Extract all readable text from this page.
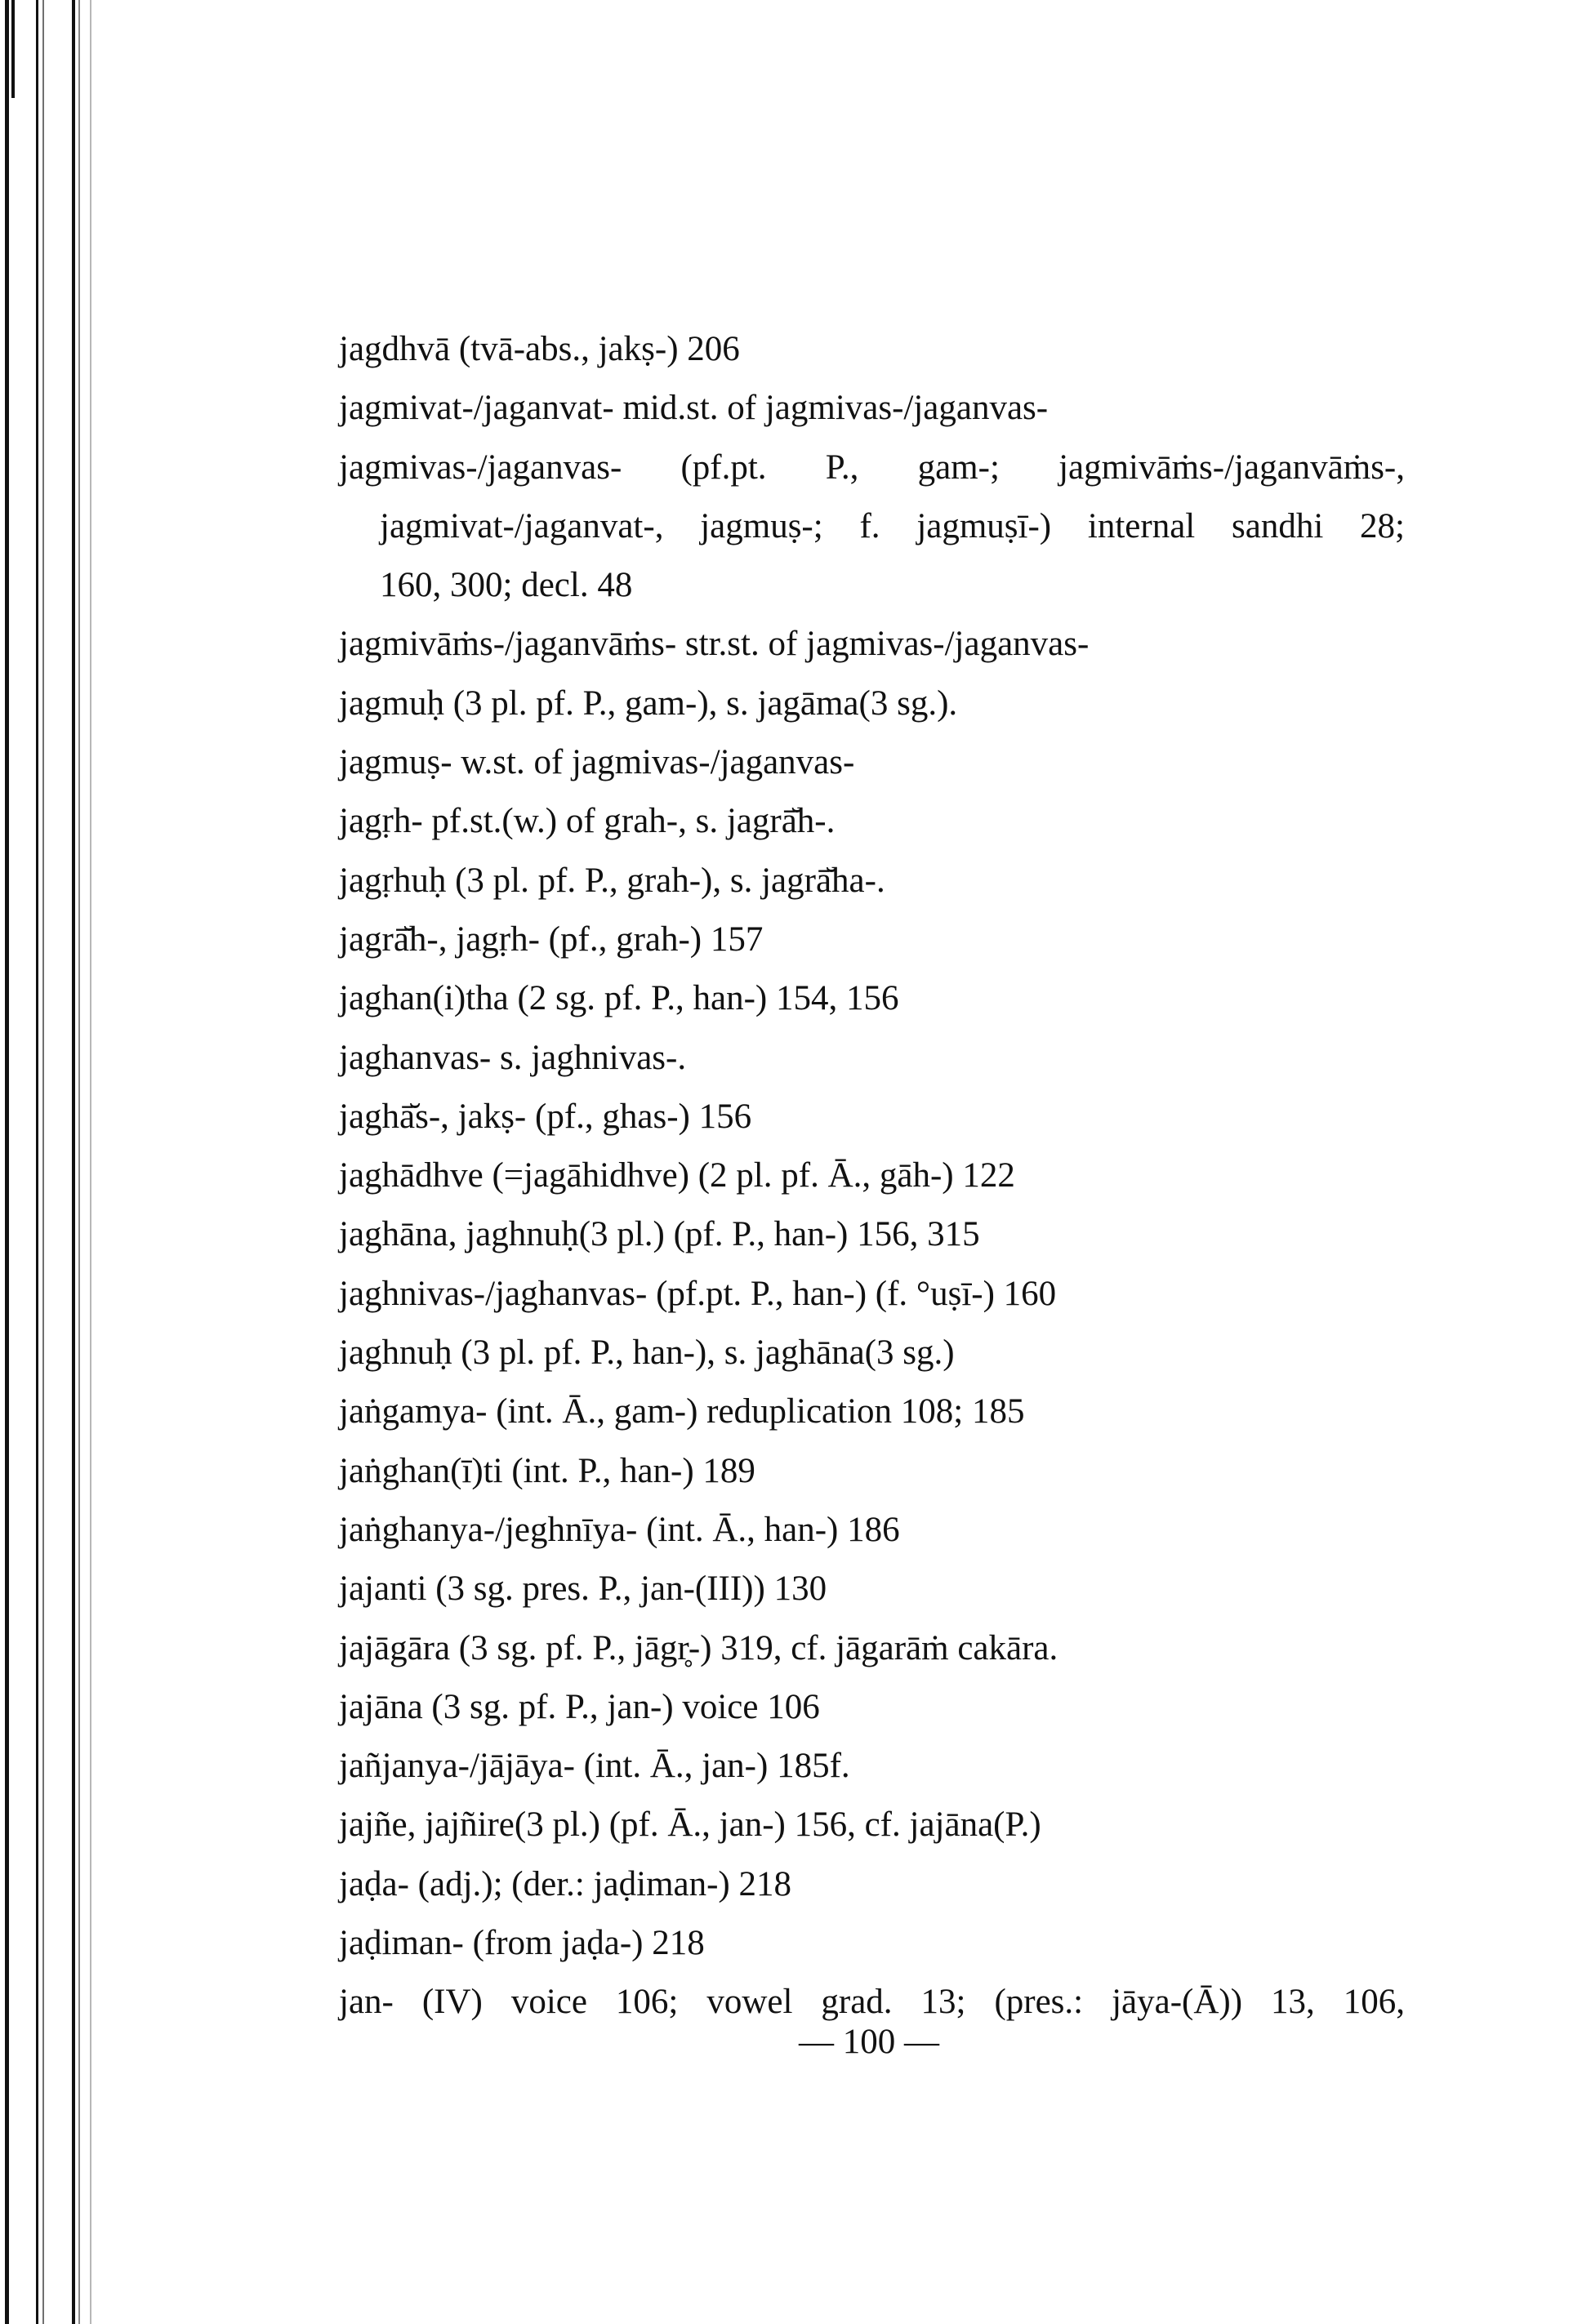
jagdhvā (tvā-abs., jakṣ-) 206
jagmivat-/jaganvat- mid.st. of jagmivas-/jaganvas-
jagmivas-/jaganvas- (pf.pt. P., gam-; jagmivāṁs-/jaganvāṁs-,
jagmivat-/jaganvat-, jagmuṣ-; f. jagmuṣī-) internal sandhi 28;
160, 300; decl. 48
jagmivāṁs-/jaganvāṁs- str.st. of jagmivas-/jaganvas-
jagmuḥ (3 pl. pf. P., gam-), s. jagāma(3 sg.).
jagmuṣ- w.st. of jagmivas-/jaganvas-
jagṛh- pf.st.(w.) of grah-, s. jagrā̆h-.
jagṛhuḥ (3 pl. pf. P., grah-), s. jagrā̆ha-.
jagrā̆h-, jagṛh- (pf., grah-) 157
jaghan(i)tha (2 sg. pf. P., han-) 154, 156
jaghanvas- s. jaghnivas-.
jaghā̆s-, jakṣ- (pf., ghas-) 156
jaghādhve (=jagāhidhve) (2 pl. pf. Ā., gāh-) 122
jaghāna, jaghnuḥ(3 pl.) (pf. P., han-) 156, 315
jaghnivas-/jaghanvas- (pf.pt. P., han-) (f. °uṣī-) 160
jaghnuḥ (3 pl. pf. P., han-), s. jaghāna(3 sg.)
jaṅgamya- (int. Ā., gam-) reduplication 108; 185
jaṅghan(ī)ti (int. P., han-) 189
jaṅghanya-/jeghnīya- (int. Ā., han-) 186
jajanti (3 sg. pres. P., jan-(III)) 130
jajāgāra (3 sg. pf. P., jāgr̥-) 319, cf. jāgarāṁ cakāra.
jajāna (3 sg. pf. P., jan-) voice 106
jañjanya-/jājāya- (int. Ā., jan-) 185f.
jajñe, jajñire(3 pl.) (pf. Ā., jan-) 156, cf. jajāna(P.)
jaḍa- (adj.); (der.: jaḍiman-) 218
jaḍiman- (from jaḍa-) 218
jan- (IV) voice 106; vowel grad. 13; (pres.: jāya-(Ā)) 13, 106,
— 100 —
